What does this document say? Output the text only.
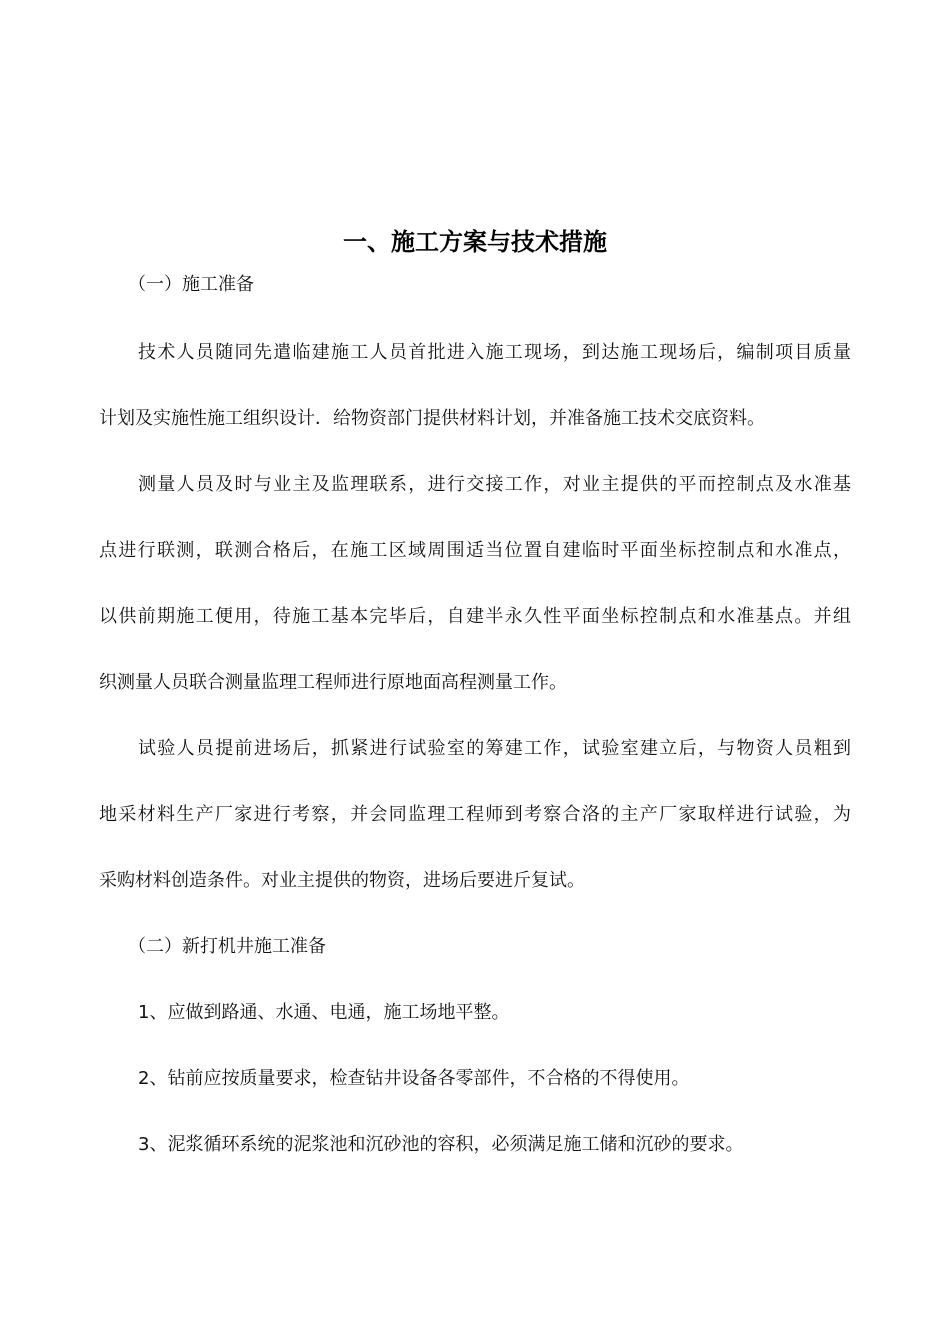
一、施工方案与技术措施
（一）施工准备
技术人员随同先遣临建施工人员首批进入施工现场，到达施工现场后，编制项目质量
计划及实施性施工组织设计．给物资部门提供材料计划，并准备施工技术交底资料。
测量人员及时与业主及监理联系，进行交接工作，对业主提供的平而控制点及水准基
点进行联测，联测合格后，在施工区域周围适当位置自建临时平面坐标控制点和水准点，
以供前期施工便用，待施工基本完毕后，自建半永久性平面坐标控制点和水准基点。并组
织测量人员联合测量监理工程师进行原地面高程测量工作。
试验人员提前进场后，抓紧进行试验室的筹建工作，试验室建立后，与物资人员粗到
地采材料生产厂家进行考察，并会同监理工程师到考察合洛的主产厂家取样进行试验，为
采购材料创造条件。对业主提供的物资，进场后要进斤复试。
（二）新打机井施工准备
1、应做到路通、水通、电通，施工场地平整。
2、钻前应按质量要求，检查钻井设备各零部件，不合格的不得使用。
3、泥浆循环系统的泥浆池和沉砂池的容积，必须满足施工储和沉砂的要求。
